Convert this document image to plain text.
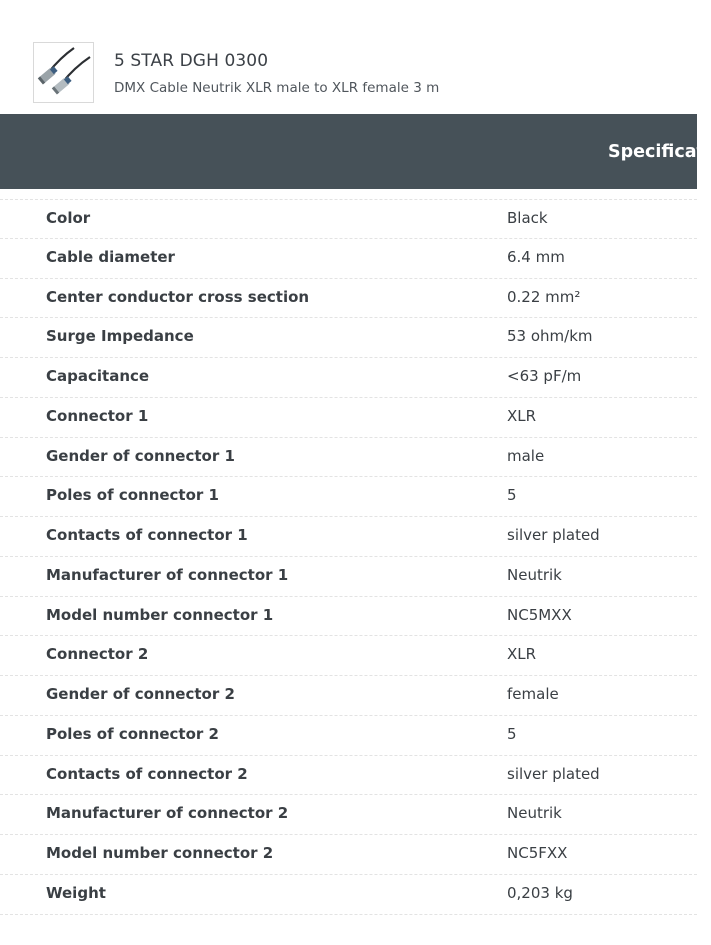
5 STAR DGH 0300
DMX Cable Neutrik XLR male to XLR female 3 m
Specificati
Color	Black
Cable diameter	6.4 mm
Center conductor cross section	0.22 mm²
Surge Impedance	53 ohm/km
Capacitance	<63 pF/m
Connector 1	XLR
Gender of connector 1	male
Poles of connector 1	5
Contacts of connector 1	silver plated
Manufacturer of connector 1	Neutrik
Model number connector 1	NC5MXX
Connector 2	XLR
Gender of connector 2	female
Poles of connector 2	5
Contacts of connector 2	silver plated
Manufacturer of connector 2	Neutrik
Model number connector 2	NC5FXX
Weight	0,203 kg
